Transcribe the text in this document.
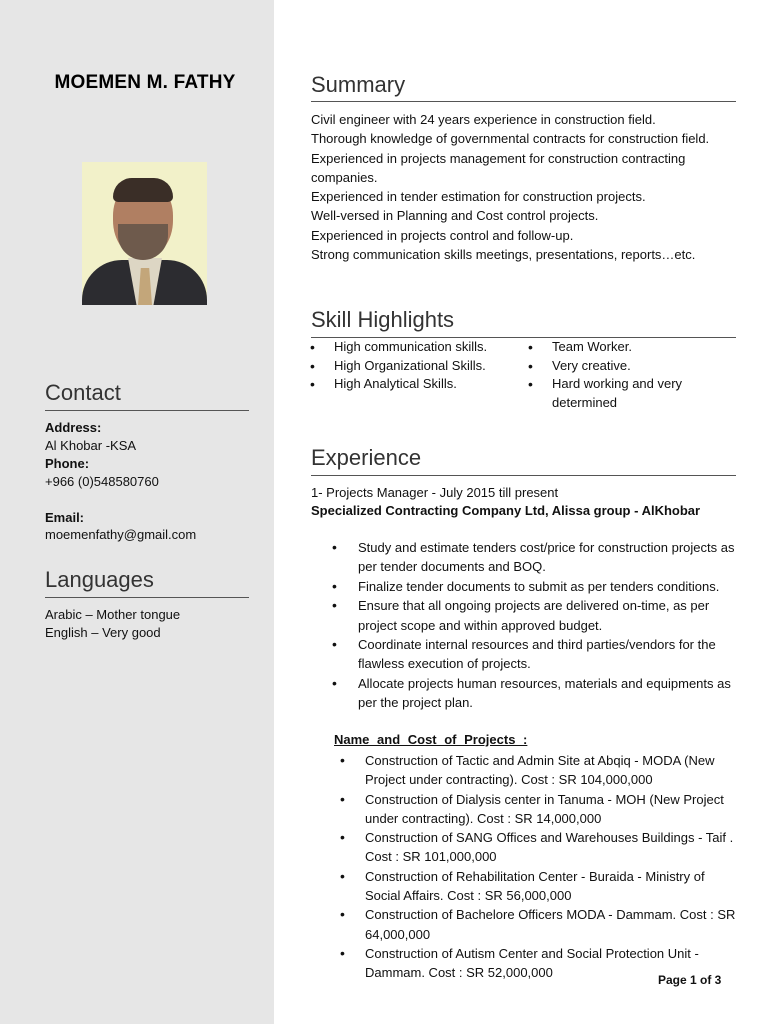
MOEMEN M. FATHY
Contact
Address:
Al Khobar -KSA
Phone:
+966 (0)548580760
Email:
moemenfathy@gmail.com
Languages
Arabic – Mother tongue
English – Very good
Summary

Civil engineer with 24 years experience in construction field.

Thorough knowledge of governmental contracts for construction field.

Experienced in projects management for construction contracting companies.

Experienced in tender estimation for construction projects.

Well-versed in Planning and Cost control projects.

Experienced in projects control and follow-up.

Strong communication skills meetings, presentations, reports…etc.

Skill Highlights
• High communication skills.
• High Organizational Skills.
• High Analytical Skills.
• Team Worker.
• Very creative.
• Hard working and very determined
Experience
1- Projects Manager - July 2015 till present
Specialized Contracting Company Ltd, Alissa group - AlKhobar
• Study and estimate tenders cost/price for construction projects as per tender documents and BOQ.
• Finalize tender documents to submit as per tenders conditions.
• Ensure that all ongoing projects are delivered on-time, as per project scope and within approved budget.
• Coordinate internal resources and third parties/vendors for the flawless execution of projects.
• Allocate projects human resources, materials and equipments as per the project plan.
Name and Cost of Projects :
• Construction of Tactic and Admin Site at Abqiq - MODA (New Project under contracting). Cost : SR 104,000,000
• Construction of Dialysis center in Tanuma - MOH (New Project under contracting). Cost : SR 14,000,000
• Construction of SANG Offices and Warehouses Buildings - Taif . Cost : SR 101,000,000
• Construction of Rehabilitation Center - Buraida - Ministry of Social Affairs. Cost : SR 56,000,000
• Construction of Bachelore Officers MODA - Dammam. Cost : SR 64,000,000
• Construction of Autism Center and Social Protection Unit - Dammam. Cost : SR 52,000,000	Page 1 of 3
